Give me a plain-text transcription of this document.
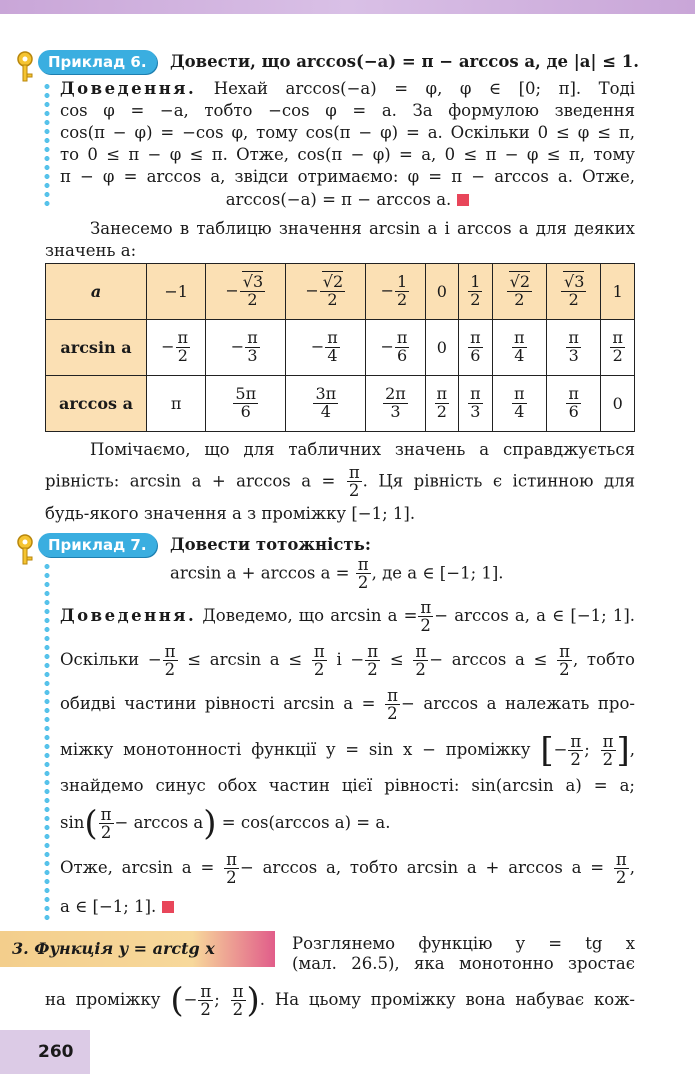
Приклад 6.	Довести, що arccos(−a) = π − arccos a, де |a| ≤ 1.
Доведення. Нехай arccos(−a) = φ, φ ∈ [0; π]. Тоді
cos φ = −a, тобто −cos φ = a. За формулою зведення
cos(π − φ) = −cos φ, тому cos(π − φ) = a. Оскільки 0 ≤ φ ≤ π,
то 0 ≤ π − φ ≤ π. Отже, cos(π − φ) = a, 0 ≤ π − φ ≤ π, тому
π − φ = arccos a, звідси отримаємо: φ = π − arccos a. Отже,
arccos(−a) = π − arccos a.
Занесемо в таблицю значення arcsin a і arccos a для деяких
значень a:
a	−1	− $\frac{√3}{2}$	− $\frac{√2}{2}$	− $\frac{1}{2}$	0	$\frac{1}{2}$	$\frac{√2}{2}$	$\frac{√3}{2}$	1
arcsin a	− $\frac{\pi}{2}$	− $\frac{\pi}{3}$	− $\frac{\pi}{4}$	− $\frac{\pi}{6}$	0	$\frac{\pi}{6}$	$\frac{\pi}{4}$	$\frac{\pi}{3}$	$\frac{\pi}{2}$

arccos a	π	$\frac{5\pi}{6}$	$\frac{3\pi}{4}$	$\frac{2\pi}{3}$	$\frac{\pi}{2}$	$\frac{\pi}{3}$	$\frac{\pi}{4}$	$\frac{\pi}{6}$	0
Помічаємо, що для табличних значень a справджується
рівність: $\arcsin a + \arccos a = \frac{\pi}{2}$ . Ця рівність є істинною для
будь-якого значення a з проміжку [−1; 1].
Приклад 7.	Довести тотожність:
$\arcsin a + \arccos a = \frac{\pi}{2}$ , де a ∈ [−1; 1].
Доведення. Доведемо, що $\arcsin a = \frac{\pi}{2} - \arccos a$, a ∈ [−1; 1].
Оскільки − $\frac{\pi}{2} \le \arcsin a \le \frac{\pi}{2}$ $і - \frac{\pi}{2} \le \frac{\pi}{2} - \arccos a \le \frac{\pi}{2}$ , тобто
обидві частини рівності $\arcsin a = \frac{\pi}{2} - \arccos a$ належать про-
міжку монотонності функції y = sin x − проміжку [− $\frac{\pi}{2}$ ; $\frac{\pi}{2}$ ],
знайдемо синус обох частин цієї рівності: sin(arcsin a) = a;
$\sin( \frac{\pi}{2} - \arccos a) = \cos(\arccos$ a) = a.
Отже, $\arcsin a = \frac{\pi}{2} - \arccos a$, тобто $\arcsin a + \arccos a = \frac{\pi}{2}$ ,
a ∈ [−1; 1].
3. Функція y = arctg x	Розглянемо функцію y = tg x
(мал. 26.5), яка монотонно зростає
на проміжку (− $\frac{\pi}{2}$ ; $\frac{\pi}{2}$ ). На цьому проміжку вона набуває кож-
260
